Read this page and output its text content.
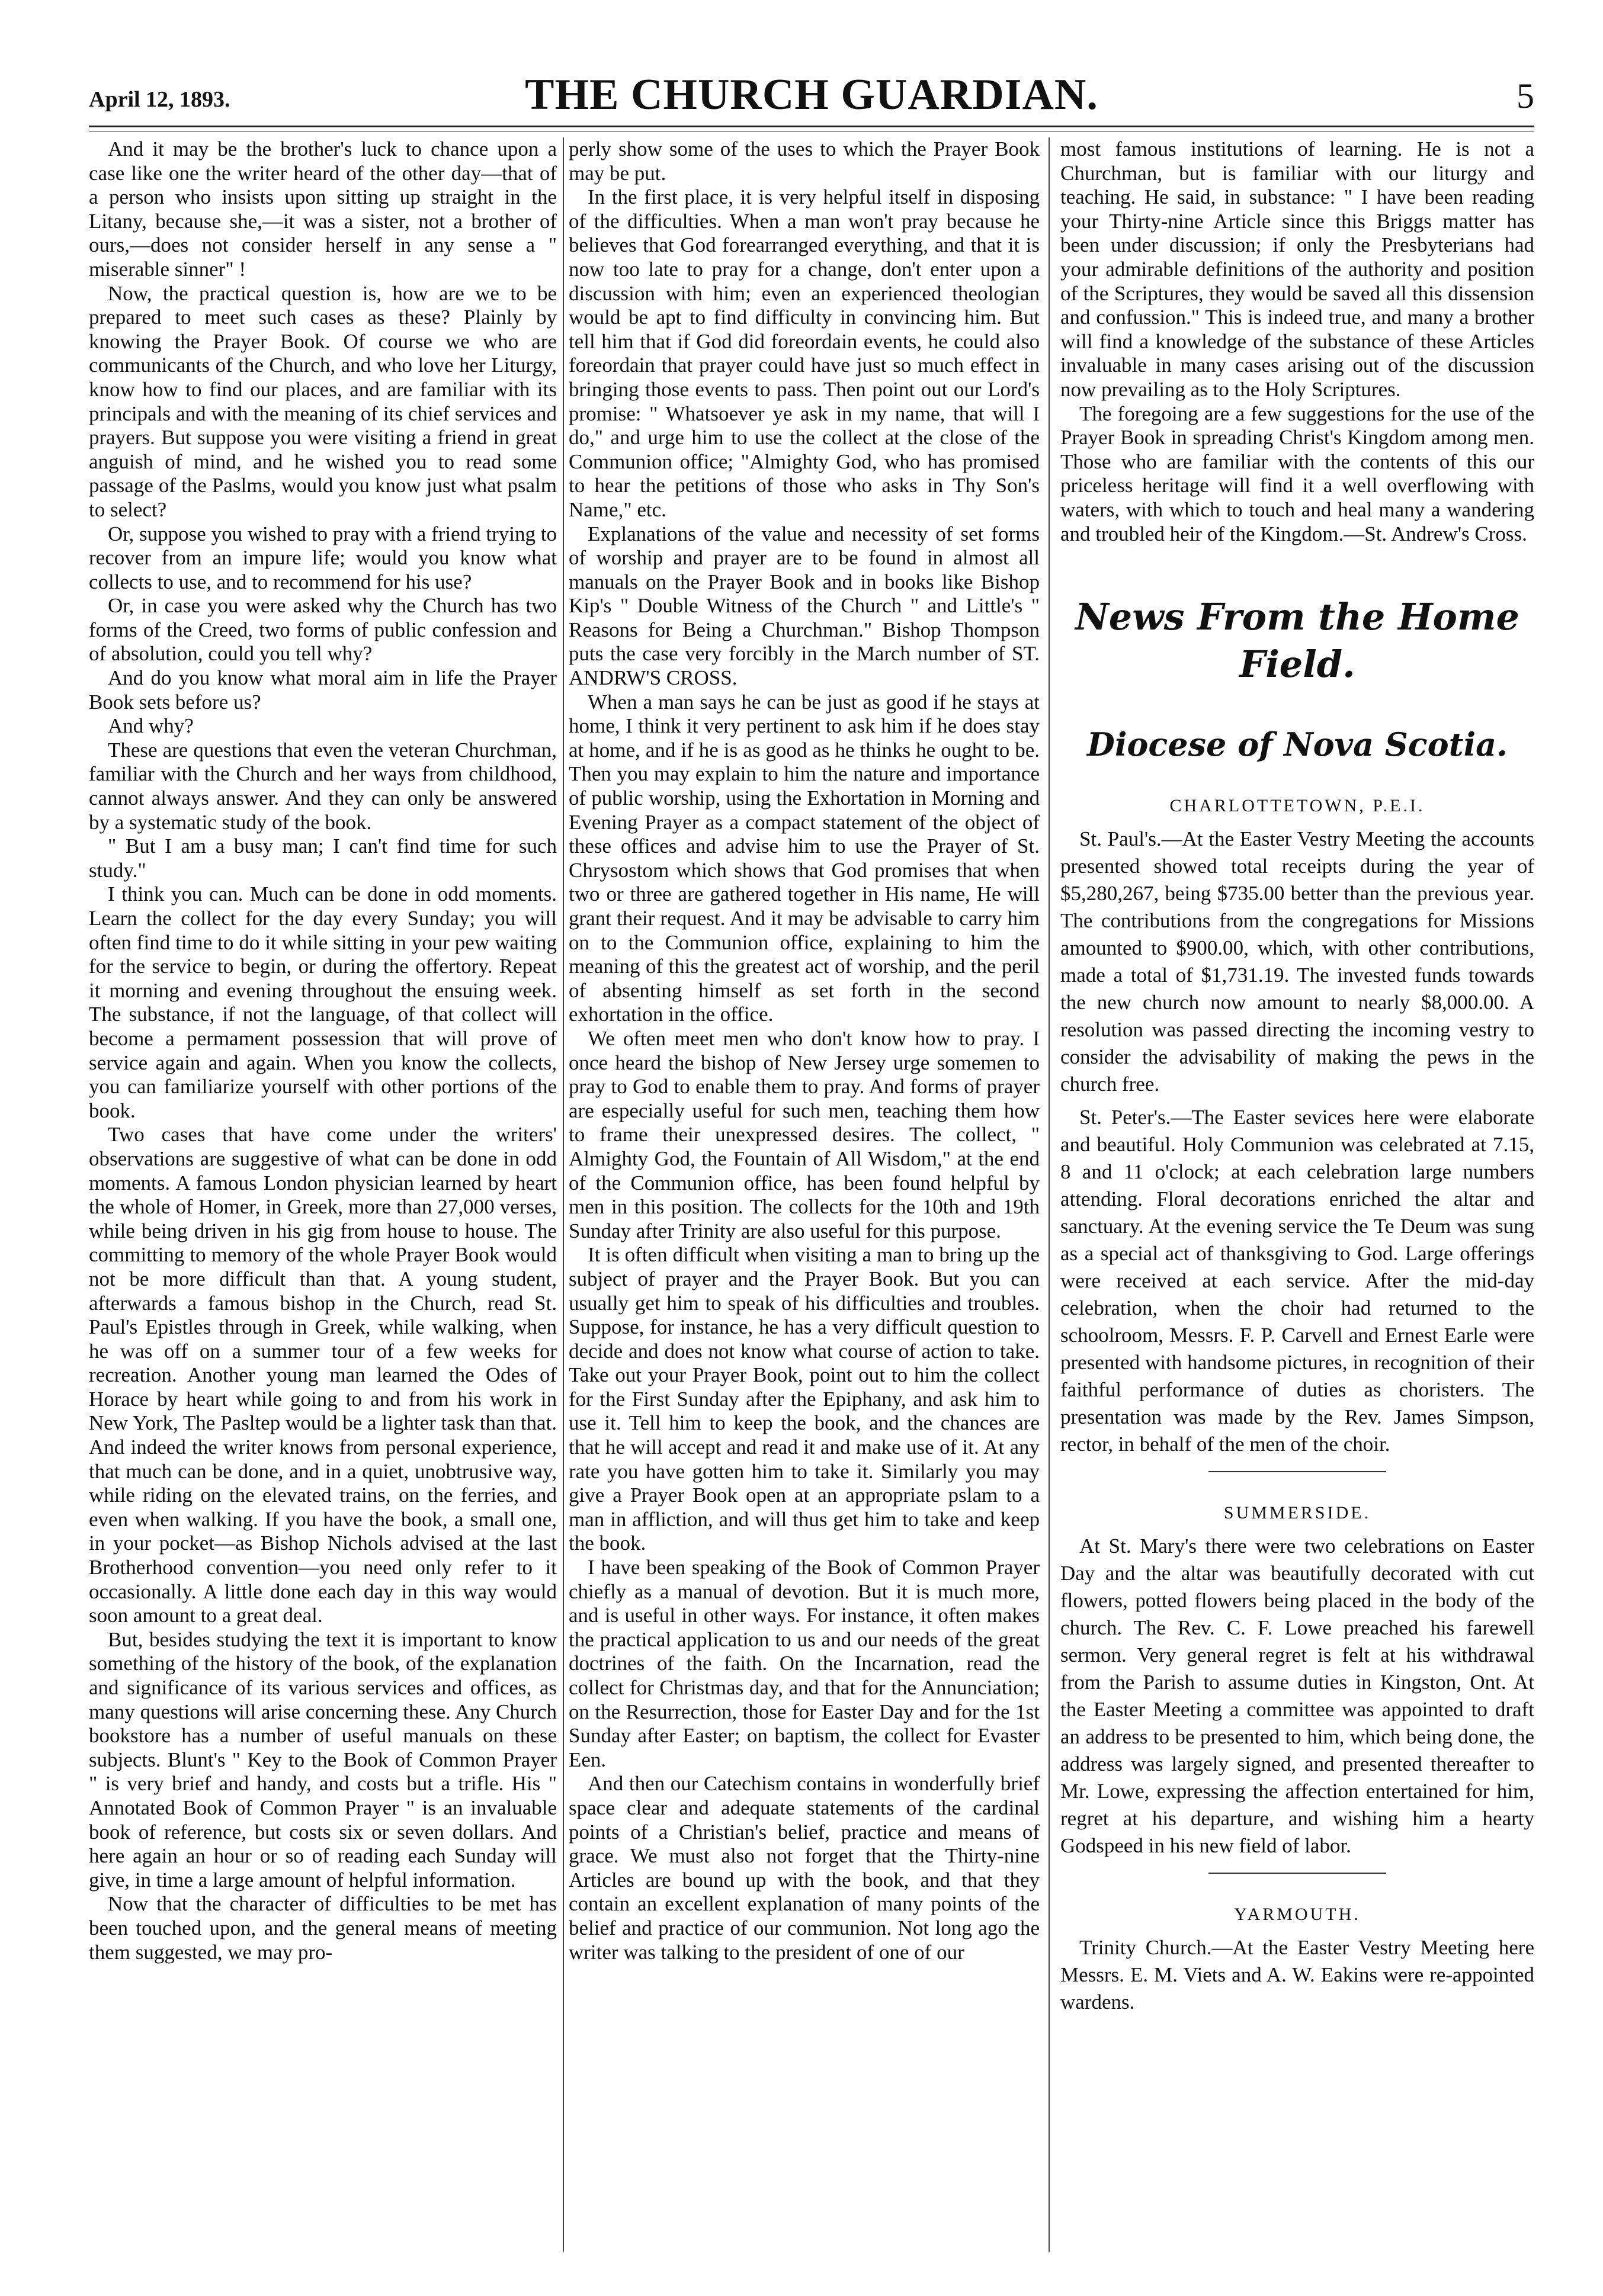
April 12, 1893.	THE CHURCH GUARDIAN.	5

And it may be the brother's luck to chance upon a case like one the writer heard of the other day—that of a person who insists upon sitting up straight in the Litany, because she,—it was a sister, not a brother of ours,—does not consider herself in any sense a " miserable sinner" !

Now, the practical question is, how are we to be prepared to meet such cases as these? Plainly by knowing the Prayer Book. Of course we who are communicants of the Church, and who love her Liturgy, know how to find our places, and are familiar with its principals and with the meaning of its chief services and prayers. But suppose you were visiting a friend in great anguish of mind, and he wished you to read some passage of the Paslms, would you know just what psalm to select?

Or, suppose you wished to pray with a friend trying to recover from an impure life; would you know what collects to use, and to recommend for his use?

Or, in case you were asked why the Church has two forms of the Creed, two forms of public confession and of absolution, could you tell why?

And do you know what moral aim in life the Prayer Book sets before us?

And why?

These are questions that even the veteran Churchman, familiar with the Church and her ways from childhood, cannot always answer. And they can only be answered by a systematic study of the book.

" But I am a busy man; I can't find time for such study."

I think you can. Much can be done in odd moments. Learn the collect for the day every Sunday; you will often find time to do it while sitting in your pew waiting for the service to begin, or during the offertory. Repeat it morning and evening throughout the ensuing week. The substance, if not the language, of that collect will become a permament possession that will prove of service again and again. When you know the collects, you can familiarize yourself with other portions of the book.

Two cases that have come under the writers' observations are suggestive of what can be done in odd moments. A famous London physician learned by heart the whole of Homer, in Greek, more than 27,000 verses, while being driven in his gig from house to house. The committing to memory of the whole Prayer Book would not be more difficult than that. A young student, afterwards a famous bishop in the Church, read St. Paul's Epistles through in Greek, while walking, when he was off on a summer tour of a few weeks for recreation. Another young man learned the Odes of Horace by heart while going to and from his work in New York, The Pasltep would be a lighter task than that. And indeed the writer knows from personal experience, that much can be done, and in a quiet, unobtrusive way, while riding on the elevated trains, on the ferries, and even when walking. If you have the book, a small one, in your pocket—as Bishop Nichols advised at the last Brotherhood convention—you need only refer to it occasionally. A little done each day in this way would soon amount to a great deal.

But, besides studying the text it is important to know something of the history of the book, of the explanation and significance of its various services and offices, as many questions will arise concerning these. Any Church bookstore has a number of useful manuals on these subjects. Blunt's " Key to the Book of Common Prayer " is very brief and handy, and costs but a trifle. His " Annotated Book of Common Prayer " is an invaluable book of reference, but costs six or seven dollars. And here again an hour or so of reading each Sunday will give, in time a large amount of helpful information.

Now that the character of difficulties to be met has been touched upon, and the general means of meeting them suggested, we may pro-

perly show some of the uses to which the Prayer Book may be put.

In the first place, it is very helpful itself in disposing of the difficulties. When a man won't pray because he believes that God forearranged everything, and that it is now too late to pray for a change, don't enter upon a discussion with him; even an experienced theologian would be apt to find difficulty in convincing him. But tell him that if God did foreordain events, he could also foreordain that prayer could have just so much effect in bringing those events to pass. Then point out our Lord's promise: " Whatsoever ye ask in my name, that will I do," and urge him to use the collect at the close of the Communion office; "Almighty God, who has promised to hear the petitions of those who asks in Thy Son's Name," etc.

Explanations of the value and necessity of set forms of worship and prayer are to be found in almost all manuals on the Prayer Book and in books like Bishop Kip's " Double Witness of the Church " and Little's " Reasons for Being a Churchman." Bishop Thompson puts the case very forcibly in the March number of ST. ANDRW'S CROSS.

When a man says he can be just as good if he stays at home, I think it very pertinent to ask him if he does stay at home, and if he is as good as he thinks he ought to be. Then you may explain to him the nature and importance of public worship, using the Exhortation in Morning and Evening Prayer as a compact statement of the object of these offices and advise him to use the Prayer of St. Chrysostom which shows that God promises that when two or three are gathered together in His name, He will grant their request. And it may be advisable to carry him on to the Communion office, explaining to him the meaning of this the greatest act of worship, and the peril of absenting himself as set forth in the second exhortation in the office.

We often meet men who don't know how to pray. I once heard the bishop of New Jersey urge somemen to pray to God to enable them to pray. And forms of prayer are especially useful for such men, teaching them how to frame their unexpressed desires. The collect, " Almighty God, the Fountain of All Wisdom," at the end of the Communion office, has been found helpful by men in this position. The collects for the 10th and 19th Sunday after Trinity are also useful for this purpose.

It is often difficult when visiting a man to bring up the subject of prayer and the Prayer Book. But you can usually get him to speak of his difficulties and troubles. Suppose, for instance, he has a very difficult question to decide and does not know what course of action to take. Take out your Prayer Book, point out to him the collect for the First Sunday after the Epiphany, and ask him to use it. Tell him to keep the book, and the chances are that he will accept and read it and make use of it. At any rate you have gotten him to take it. Similarly you may give a Prayer Book open at an appropriate pslam to a man in affliction, and will thus get him to take and keep the book.

I have been speaking of the Book of Common Prayer chiefly as a manual of devotion. But it is much more, and is useful in other ways. For instance, it often makes the practical application to us and our needs of the great doctrines of the faith. On the Incarnation, read the collect for Christmas day, and that for the Annunciation; on the Resurrection, those for Easter Day and for the 1st Sunday after Easter; on baptism, the collect for Evaster Een.

And then our Catechism contains in wonderfully brief space clear and adequate statements of the cardinal points of a Christian's belief, practice and means of grace. We must also not forget that the Thirty-nine Articles are bound up with the book, and that they contain an excellent explanation of many points of the belief and practice of our communion. Not long ago the writer was talking to the president of one of our

most famous institutions of learning. He is not a Churchman, but is familiar with our liturgy and teaching. He said, in substance: " I have been reading your Thirty-nine Article since this Briggs matter has been under discussion; if only the Presbyterians had your admirable definitions of the authority and position of the Scriptures, they would be saved all this dissension and confussion." This is indeed true, and many a brother will find a knowledge of the substance of these Articles invaluable in many cases arising out of the discussion now prevailing as to the Holy Scriptures.

The foregoing are a few suggestions for the use of the Prayer Book in spreading Christ's Kingdom among men. Those who are familiar with the contents of this our priceless heritage will find it a well overflowing with waters, with which to touch and heal many a wandering and troubled heir of the Kingdom.—St. Andrew's Cross.

News From the Home Field.
Diocese of Nova Scotia.
CHARLOTTETOWN, P.E.I.

St. Paul's.—At the Easter Vestry Meeting the accounts presented showed total receipts during the year of $5,280,267, being $735.00 better than the previous year. The contributions from the congregations for Missions amounted to $900.00, which, with other contributions, made a total of $1,731.19. The invested funds towards the new church now amount to nearly $8,000.00. A resolution was passed directing the incoming vestry to consider the advisability of making the pews in the church free.

St. Peter's.—The Easter sevices here were elaborate and beautiful. Holy Communion was celebrated at 7.15, 8 and 11 o'clock; at each celebration large numbers attending. Floral decorations enriched the altar and sanctuary. At the evening service the Te Deum was sung as a special act of thanksgiving to God. Large offerings were received at each service. After the mid-day celebration, when the choir had returned to the schoolroom, Messrs. F. P. Carvell and Ernest Earle were presented with handsome pictures, in recognition of their faithful performance of duties as choristers. The presentation was made by the Rev. James Simpson, rector, in behalf of the men of the choir.

SUMMERSIDE.

At St. Mary's there were two celebrations on Easter Day and the altar was beautifully decorated with cut flowers, potted flowers being placed in the body of the church. The Rev. C. F. Lowe preached his farewell sermon. Very general regret is felt at his withdrawal from the Parish to assume duties in Kingston, Ont. At the Easter Meeting a committee was appointed to draft an address to be presented to him, which being done, the address was largely signed, and presented thereafter to Mr. Lowe, expressing the affection entertained for him, regret at his departure, and wishing him a hearty Godspeed in his new field of labor.

YARMOUTH.

Trinity Church.—At the Easter Vestry Meeting here Messrs. E. M. Viets and A. W. Eakins were re-appointed wardens.
